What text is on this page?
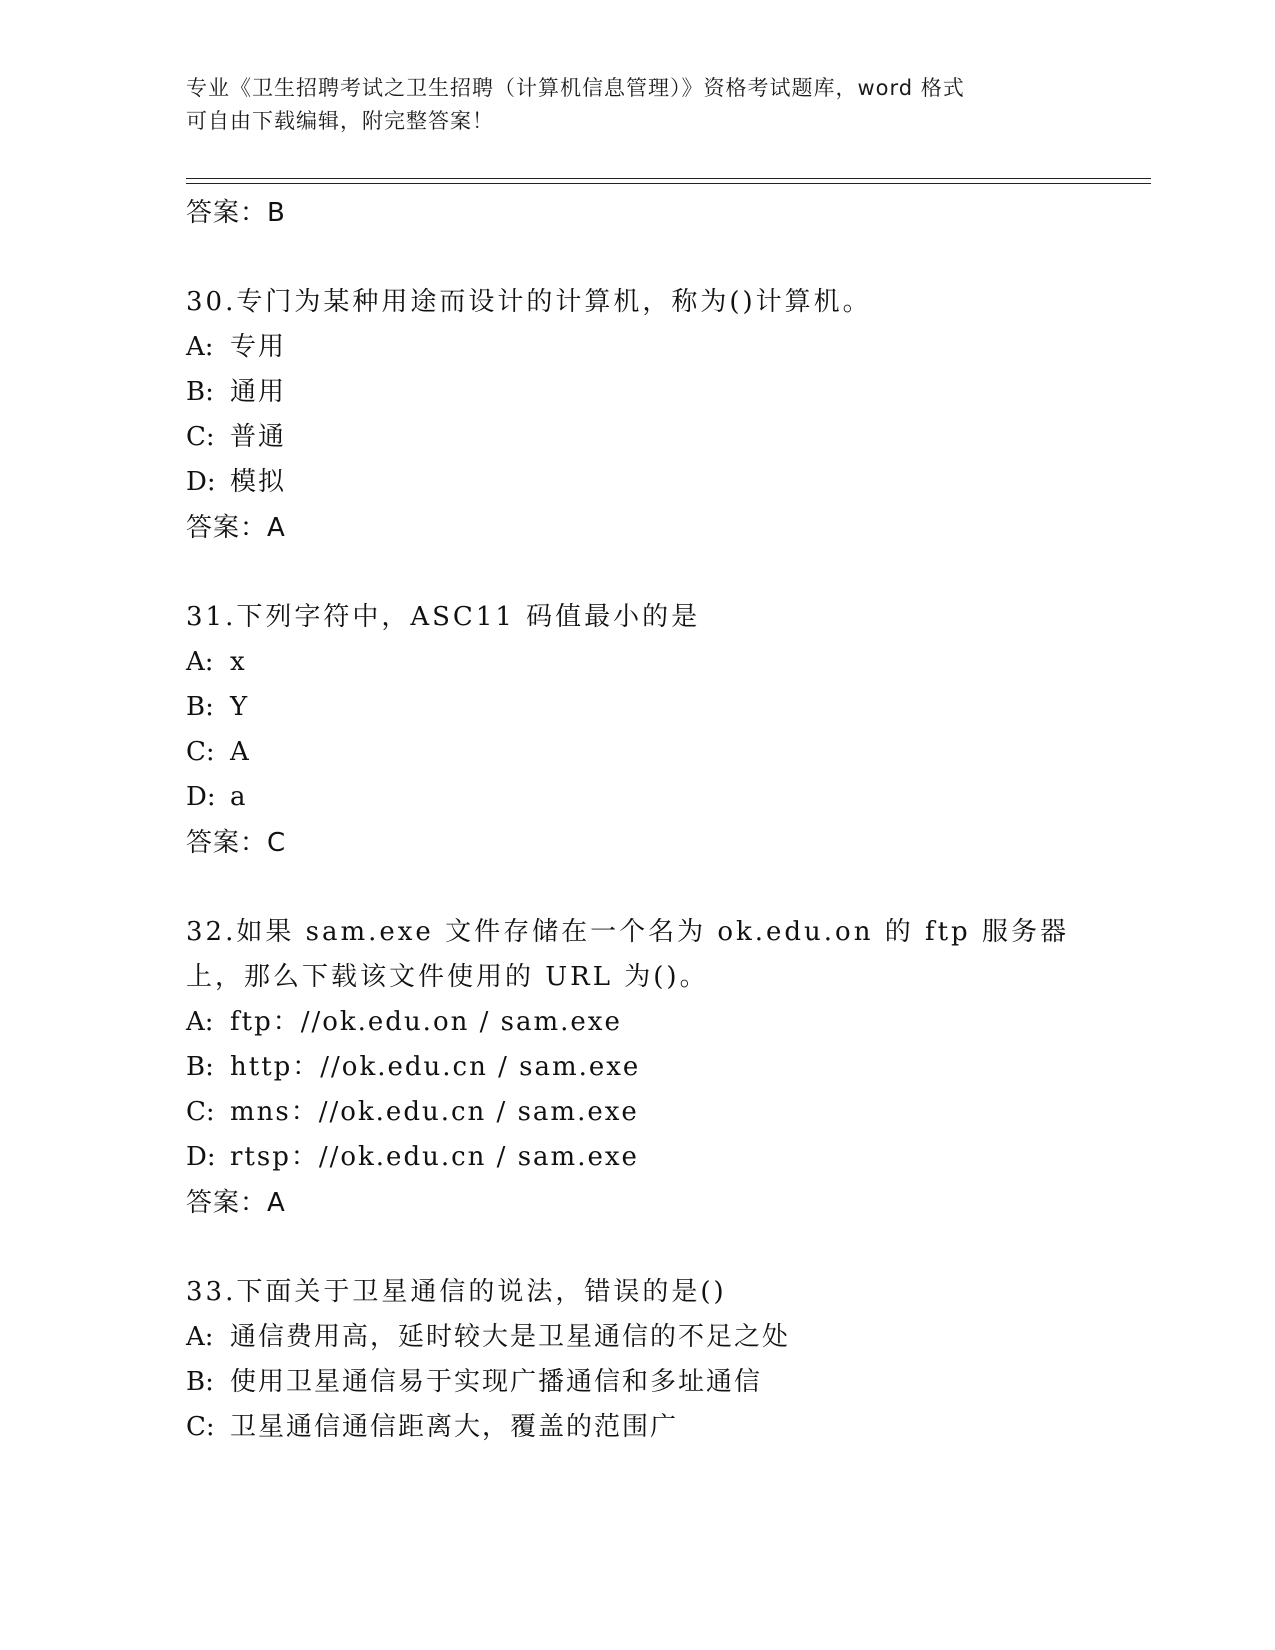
专业《卫生招聘考试之卫生招聘（计算机信息管理）》资格考试题库，word 格式
可自由下载编辑，附完整答案！
答案：B
30.专门为某种用途而设计的计算机，称为()计算机。
A: 专用
B: 通用
C: 普通
D: 模拟
答案：A
31.下列字符中，ASC11 码值最小的是
A: x
B: Y
C: A
D: a
答案：C
32.如果 sam.exe 文件存储在一个名为 ok.edu.on 的 ftp 服务器上，那么下载该文件使用的 URL 为()。
A: ftp：//ok.edu.on / sam.exe
B: http：//ok.edu.cn / sam.exe
C: mns：//ok.edu.cn / sam.exe
D: rtsp：//ok.edu.cn / sam.exe
答案：A
33.下面关于卫星通信的说法，错误的是()
A: 通信费用高，延时较大是卫星通信的不足之处
B: 使用卫星通信易于实现广播通信和多址通信
C: 卫星通信通信距离大，覆盖的范围广
